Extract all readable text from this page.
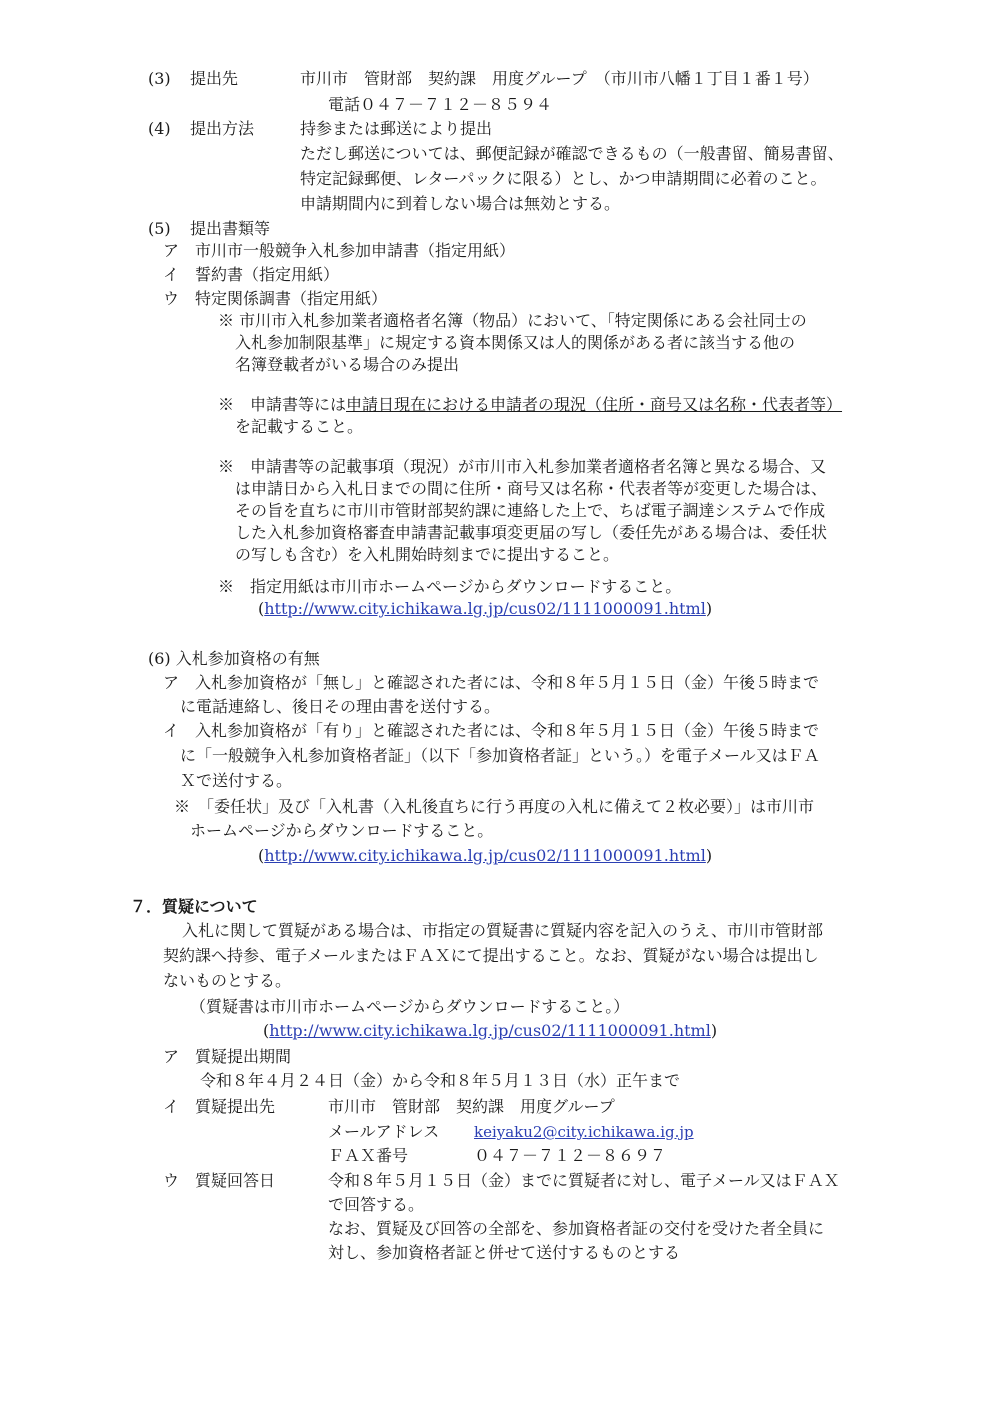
(3) 提出先	市川市　管財部　契約課　用度グループ　（市川市八幡１丁目１番１号）
電話０４７－７１２－８５９４
(4) 提出方法	持参または郵送により提出
ただし郵送については、郵便記録が確認できるもの（一般書留、簡易書留、
特定記録郵便、レターパックに限る）とし、かつ申請期間に必着のこと。
申請期間内に到着しない場合は無効とする。
(5) 提出書類等
ア　市川市一般競争入札参加申請書（指定用紙）
イ　誓約書（指定用紙）
ウ　特定関係調書（指定用紙）
※ 市川市入札参加業者適格者名簿（物品）において、「特定関係にある会社同士の
入札参加制限基準」に規定する資本関係又は人的関係がある者に該当する他の
名簿登載者がいる場合のみ提出
※　申請書等には申請日現在における申請者の現況（住所・商号又は名称・代表者等）
を記載すること。
※　申請書等の記載事項（現況）が市川市入札参加業者適格者名簿と異なる場合、又
は申請日から入札日までの間に住所・商号又は名称・代表者等が変更した場合は、
その旨を直ちに市川市管財部契約課に連絡した上で、ちば電子調達システムで作成
した入札参加資格審査申請書記載事項変更届の写し（委任先がある場合は、委任状
の写しも含む）を入札開始時刻までに提出すること。
※　指定用紙は市川市ホームページからダウンロードすること。
(http://www.city.ichikawa.lg.jp/cus02/1111000091.html)
(6) 入札参加資格の有無
ア　入札参加資格が「無し」と確認された者には、令和８年５月１５日（金）午後５時まで
に電話連絡し、後日その理由書を送付する。
イ　入札参加資格が「有り」と確認された者には、令和８年５月１５日（金）午後５時まで
に「一般競争入札参加資格者証」（以下「参加資格者証」という。）を電子メール又はＦＡ
Ｘで送付する。
※　「委任状」及び「入札書（入札後直ちに行う再度の入札に備えて２枚必要）」は市川市
ホームページからダウンロードすること。
(http://www.city.ichikawa.lg.jp/cus02/1111000091.html)
７．質疑について
入札に関して質疑がある場合は、市指定の質疑書に質疑内容を記入のうえ、市川市管財部
契約課へ持参、電子メールまたはＦＡＸにて提出すること。なお、質疑がない場合は提出し
ないものとする。
（質疑書は市川市ホームページからダウンロードすること。）
(http://www.city.ichikawa.lg.jp/cus02/1111000091.html)
ア　質疑提出期間
令和８年４月２４日（金）から令和８年５月１３日（水）正午まで
イ　質疑提出先	市川市　管財部　契約課　用度グループ
メールアドレス keiyaku2@city.ichikawa.ig.jp
ＦＡＸ番号	０４７－７１２－８６９７
ウ　質疑回答日	令和８年５月１５日（金）までに質疑者に対し、電子メール又はＦＡＸ
で回答する。
なお、質疑及び回答の全部を、参加資格者証の交付を受けた者全員に
対し、参加資格者証と併せて送付するものとする
